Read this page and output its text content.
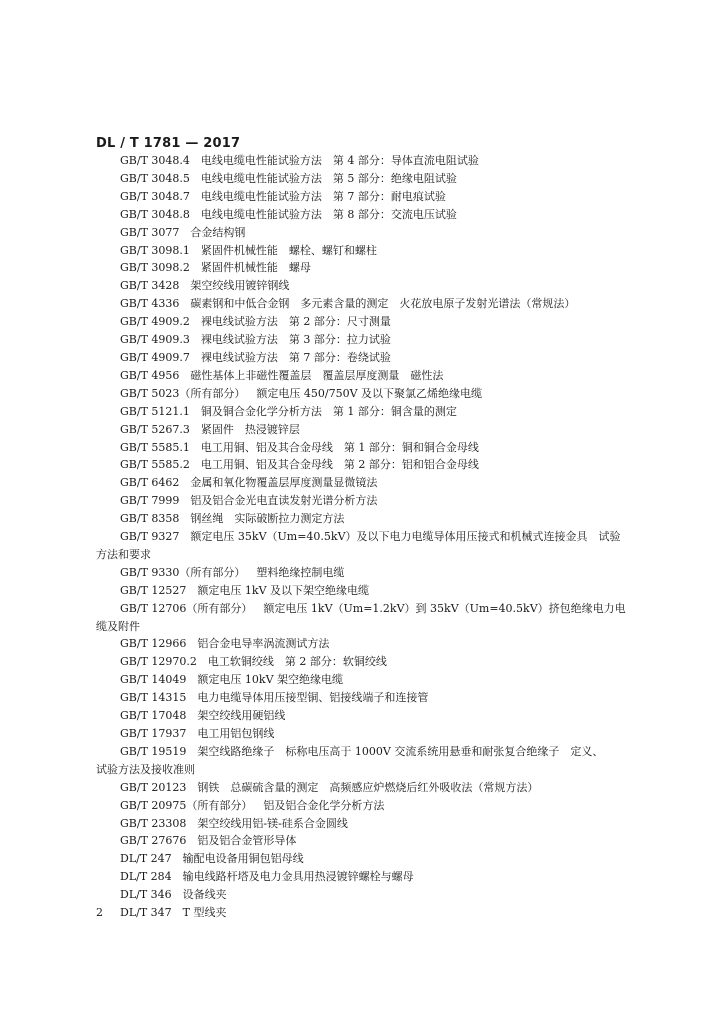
DL / T 1781 — 2017
GB/T 3048.4  电线电缆电性能试验方法　第 4 部分：导体直流电阻试验
GB/T 3048.5  电线电缆电性能试验方法　第 5 部分：绝缘电阻试验
GB/T 3048.7  电线电缆电性能试验方法　第 7 部分：耐电痕试验
GB/T 3048.8  电线电缆电性能试验方法　第 8 部分：交流电压试验
GB/T 3077  合金结构钢
GB/T 3098.1  紧固件机械性能　螺栓、螺钉和螺柱
GB/T 3098.2  紧固件机械性能　螺母
GB/T 3428  架空绞线用镀锌钢线
GB/T 4336  碳素钢和中低合金钢　多元素含量的测定　火花放电原子发射光谱法（常规法）
GB/T 4909.2  裸电线试验方法　第 2 部分：尺寸测量
GB/T 4909.3  裸电线试验方法　第 3 部分：拉力试验
GB/T 4909.7  裸电线试验方法　第 7 部分：卷绕试验
GB/T 4956  磁性基体上非磁性覆盖层　覆盖层厚度测量　磁性法
GB/T 5023（所有部分）  额定电压 450/750V 及以下聚氯乙烯绝缘电缆
GB/T 5121.1  铜及铜合金化学分析方法　第 1 部分：铜含量的测定
GB/T 5267.3  紧固件　热浸镀锌层
GB/T 5585.1  电工用铜、铝及其合金母线　第 1 部分：铜和铜合金母线
GB/T 5585.2  电工用铜、铝及其合金母线　第 2 部分：铝和铝合金母线
GB/T 6462  金属和氧化物覆盖层厚度测量显微镜法
GB/T 7999  铝及铝合金光电直读发射光谱分析方法
GB/T 8358  钢丝绳　实际破断拉力测定方法
GB/T 9327  额定电压 35kV（Um=40.5kV）及以下电力电缆导体用压接式和机械式连接金具　试验
方法和要求
GB/T 9330（所有部分）  塑料绝缘控制电缆
GB/T 12527  额定电压 1kV 及以下架空绝缘电缆
GB/T 12706（所有部分）  额定电压 1kV（Um=1.2kV）到 35kV（Um=40.5kV）挤包绝缘电力电
缆及附件
GB/T 12966  铝合金电导率涡流测试方法
GB/T 12970.2  电工软铜绞线　第 2 部分：软铜绞线
GB/T 14049  额定电压 10kV 架空绝缘电缆
GB/T 14315  电力电缆导体用压接型铜、铝接线端子和连接管
GB/T 17048  架空绞线用硬铝线
GB/T 17937  电工用铝包钢线
GB/T 19519  架空线路绝缘子　标称电压高于 1000V 交流系统用悬垂和耐张复合绝缘子　定义、
试验方法及接收准则
GB/T 20123  钢铁　总碳硫含量的测定　高频感应炉燃烧后红外吸收法（常规方法）
GB/T 20975（所有部分）  铝及铝合金化学分析方法
GB/T 23308  架空绞线用铝-镁-硅系合金圆线
GB/T 27676  铝及铝合金管形导体
DL/T 247  输配电设备用铜包铝母线
DL/T 284  输电线路杆塔及电力金具用热浸镀锌螺栓与螺母
DL/T 346  设备线夹
DL/T 347  T 型线夹
2
